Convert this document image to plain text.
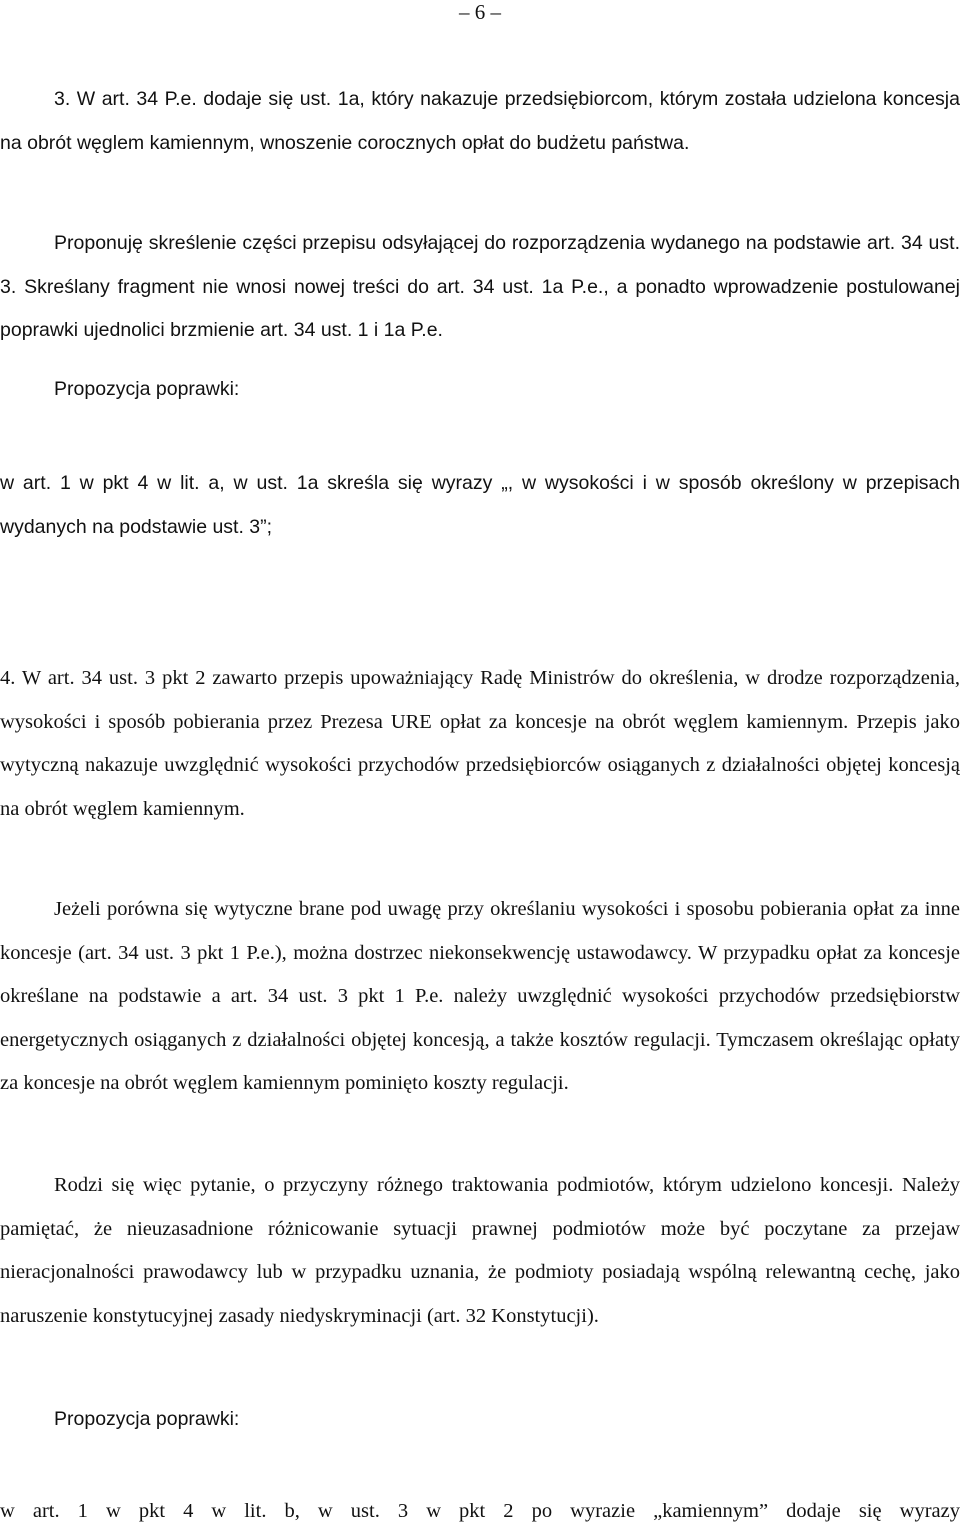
– 6 –

3. W art. 34 P.e. dodaje się ust. 1a, który nakazuje przedsiębiorcom, którym została udzielona koncesja na obrót węglem kamiennym, wnoszenie corocznych opłat do budżetu państwa.

Proponuję skreślenie części przepisu odsyłającej do rozporządzenia wydanego na podstawie art. 34 ust. 3. Skreślany fragment nie wnosi nowej treści do art. 34 ust. 1a P.e., a ponadto wprowadzenie postulowanej poprawki ujednolici brzmienie art. 34 ust. 1 i 1a P.e.

Propozycja poprawki:

w art. 1 w pkt 4 w lit. a, w ust. 1a skreśla się wyrazy „, w wysokości i w sposób określony w przepisach wydanych na podstawie ust. 3”;

4. W art. 34 ust. 3 pkt 2 zawarto przepis upoważniający Radę Ministrów do określenia, w drodze rozporządzenia, wysokości i sposób pobierania przez Prezesa URE opłat za koncesje na obrót węglem kamiennym. Przepis jako wytyczną nakazuje uwzględnić wysokości przychodów przedsiębiorców osiąganych z działalności objętej koncesją na obrót węglem kamiennym.

Jeżeli porówna się wytyczne brane pod uwagę przy określaniu wysokości i sposobu pobierania opłat za inne koncesje (art. 34 ust. 3 pkt 1 P.e.), można dostrzec niekonsekwencję ustawodawcy. W przypadku opłat za koncesje określane na podstawie a art. 34 ust. 3 pkt 1 P.e. należy uwzględnić wysokości przychodów przedsiębiorstw energetycznych osiąganych z działalności objętej koncesją, a także kosztów regulacji. Tymczasem określając opłaty za koncesje na obrót węglem kamiennym pominięto koszty regulacji.

Rodzi się więc pytanie, o przyczyny różnego traktowania podmiotów, którym udzielono koncesji. Należy pamiętać, że nieuzasadnione różnicowanie sytuacji prawnej podmiotów może być poczytane za przejaw nieracjonalności prawodawcy lub w przypadku uznania, że podmioty posiadają wspólną relewantną cechę, jako naruszenie konstytucyjnej zasady niedyskryminacji (art. 32 Konstytucji).

Propozycja poprawki:

w art. 1 w pkt 4 w lit. b, w ust. 3 w pkt 2 po wyrazie „kamiennym” dodaje się wyrazy
